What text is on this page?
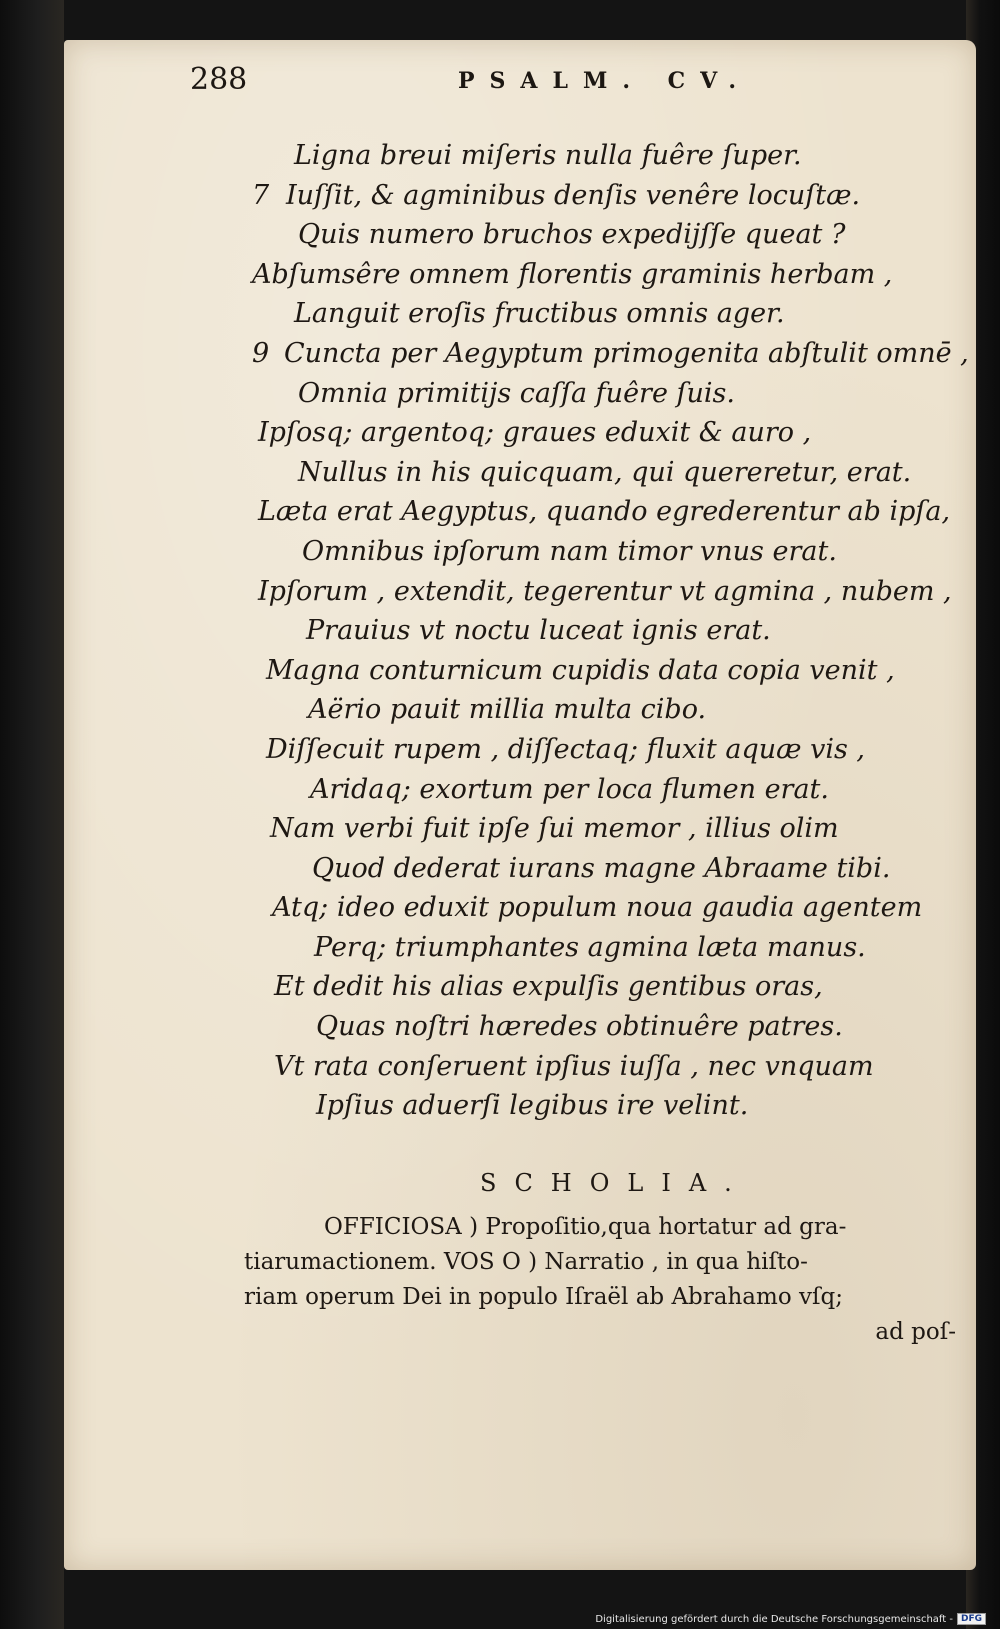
288	PSALM. CV.
Ligna breui miſeris nulla fuêre ſuper.
7 Iuſſit, & agminibus denſis venêre locuſtæ.
Quis numero bruchos expedijſſe queat ?
Abſumsêre omnem florentis graminis herbam ,
Languit eroſis fructibus omnis ager.
9 Cuncta per Aegyptum primogenita abſtulit omnē ,
Omnia primitijs caſſa fuêre ſuis.
Ipſosq; argentoq; graues eduxit & auro ,
Nullus in his quicquam, qui quereretur, erat.
Læta erat Aegyptus, quando egrederentur ab ipſa,
Omnibus ipſorum nam timor vnus erat.
Ipſorum , extendit, tegerentur vt agmina , nubem ,
Prauius vt noctu luceat ignis erat.
Magna conturnicum cupidis data copia venit ,
Aërio pauit millia multa cibo.
Diſſecuit rupem , diſſectaq; fluxit aquæ vis ,
Aridaq; exortum per loca flumen erat.
Nam verbi fuit ipſe ſui memor , illius olim
Quod dederat iurans magne Abraame tibi.
Atq; ideo eduxit populum noua gaudia agentem
Perq; triumphantes agmina læta manus.
Et dedit his alias expulſis gentibus oras,
Quas noſtri hæredes obtinuêre patres.
Vt rata conſeruent ipſius iuſſa , nec vnquam
Ipſius aduerſi legibus ire velint.
SCHOLIA.
OFFICIOSA ) Propoſitio,qua hortatur ad gra-
tiarumactionem. VOS O ) Narratio , in qua hiſto-
riam operum Dei in populo Iſraël ab Abrahamo vſq;
ad poſ-
Digitalisierung gefördert durch die Deutsche Forschungsgemeinschaft - DFG
